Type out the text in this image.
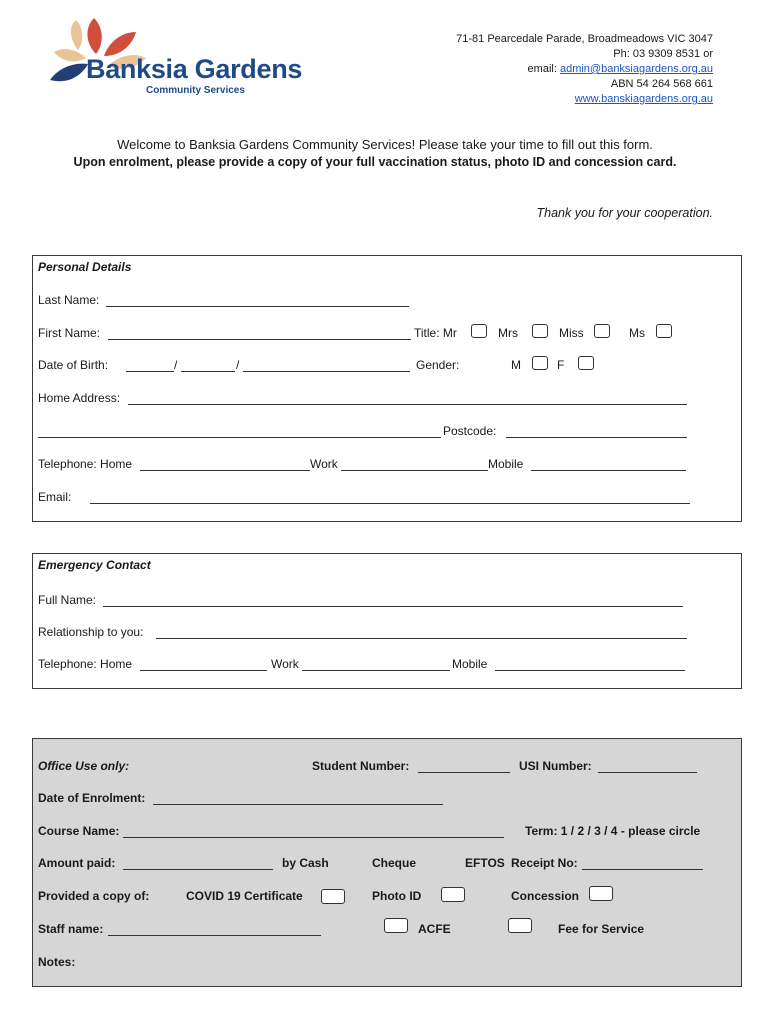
Banksia Gardens
Community Services
71-81 Pearcedale Parade, Broadmeadows VIC 3047
Ph: 03 9309 8531 or
email: admin@banksiagardens.org.au
ABN 54 264 568 661
www.banskiagardens.org.au
Welcome to Banksia Gardens Community Services! Please take your time to fill out this form.
Upon enrolment, please provide a copy of your full vaccination status, photo ID and concession card.
Thank you for your cooperation.
Personal Details
Last Name:
First Name:	Title: Mr	Mrs	Miss	Ms
Date of Birth:	/	/	Gender:	M	F
Home Address:
Postcode:
Telephone: Home	Work	Mobile
Email:
Emergency Contact
Full Name:
Relationship to you:
Telephone: Home	Work	Mobile
Office Use only:	Student Number:	USI Number:
Date of Enrolment:
Course Name:	Term: 1 / 2 / 3 / 4 - please circle
Amount paid:	by Cash	Cheque	EFTOS Receipt No:
Provided a copy of:	COVID 19 Certificate	Photo ID	Concession
Staff name:	ACFE	Fee for Service
Notes:
